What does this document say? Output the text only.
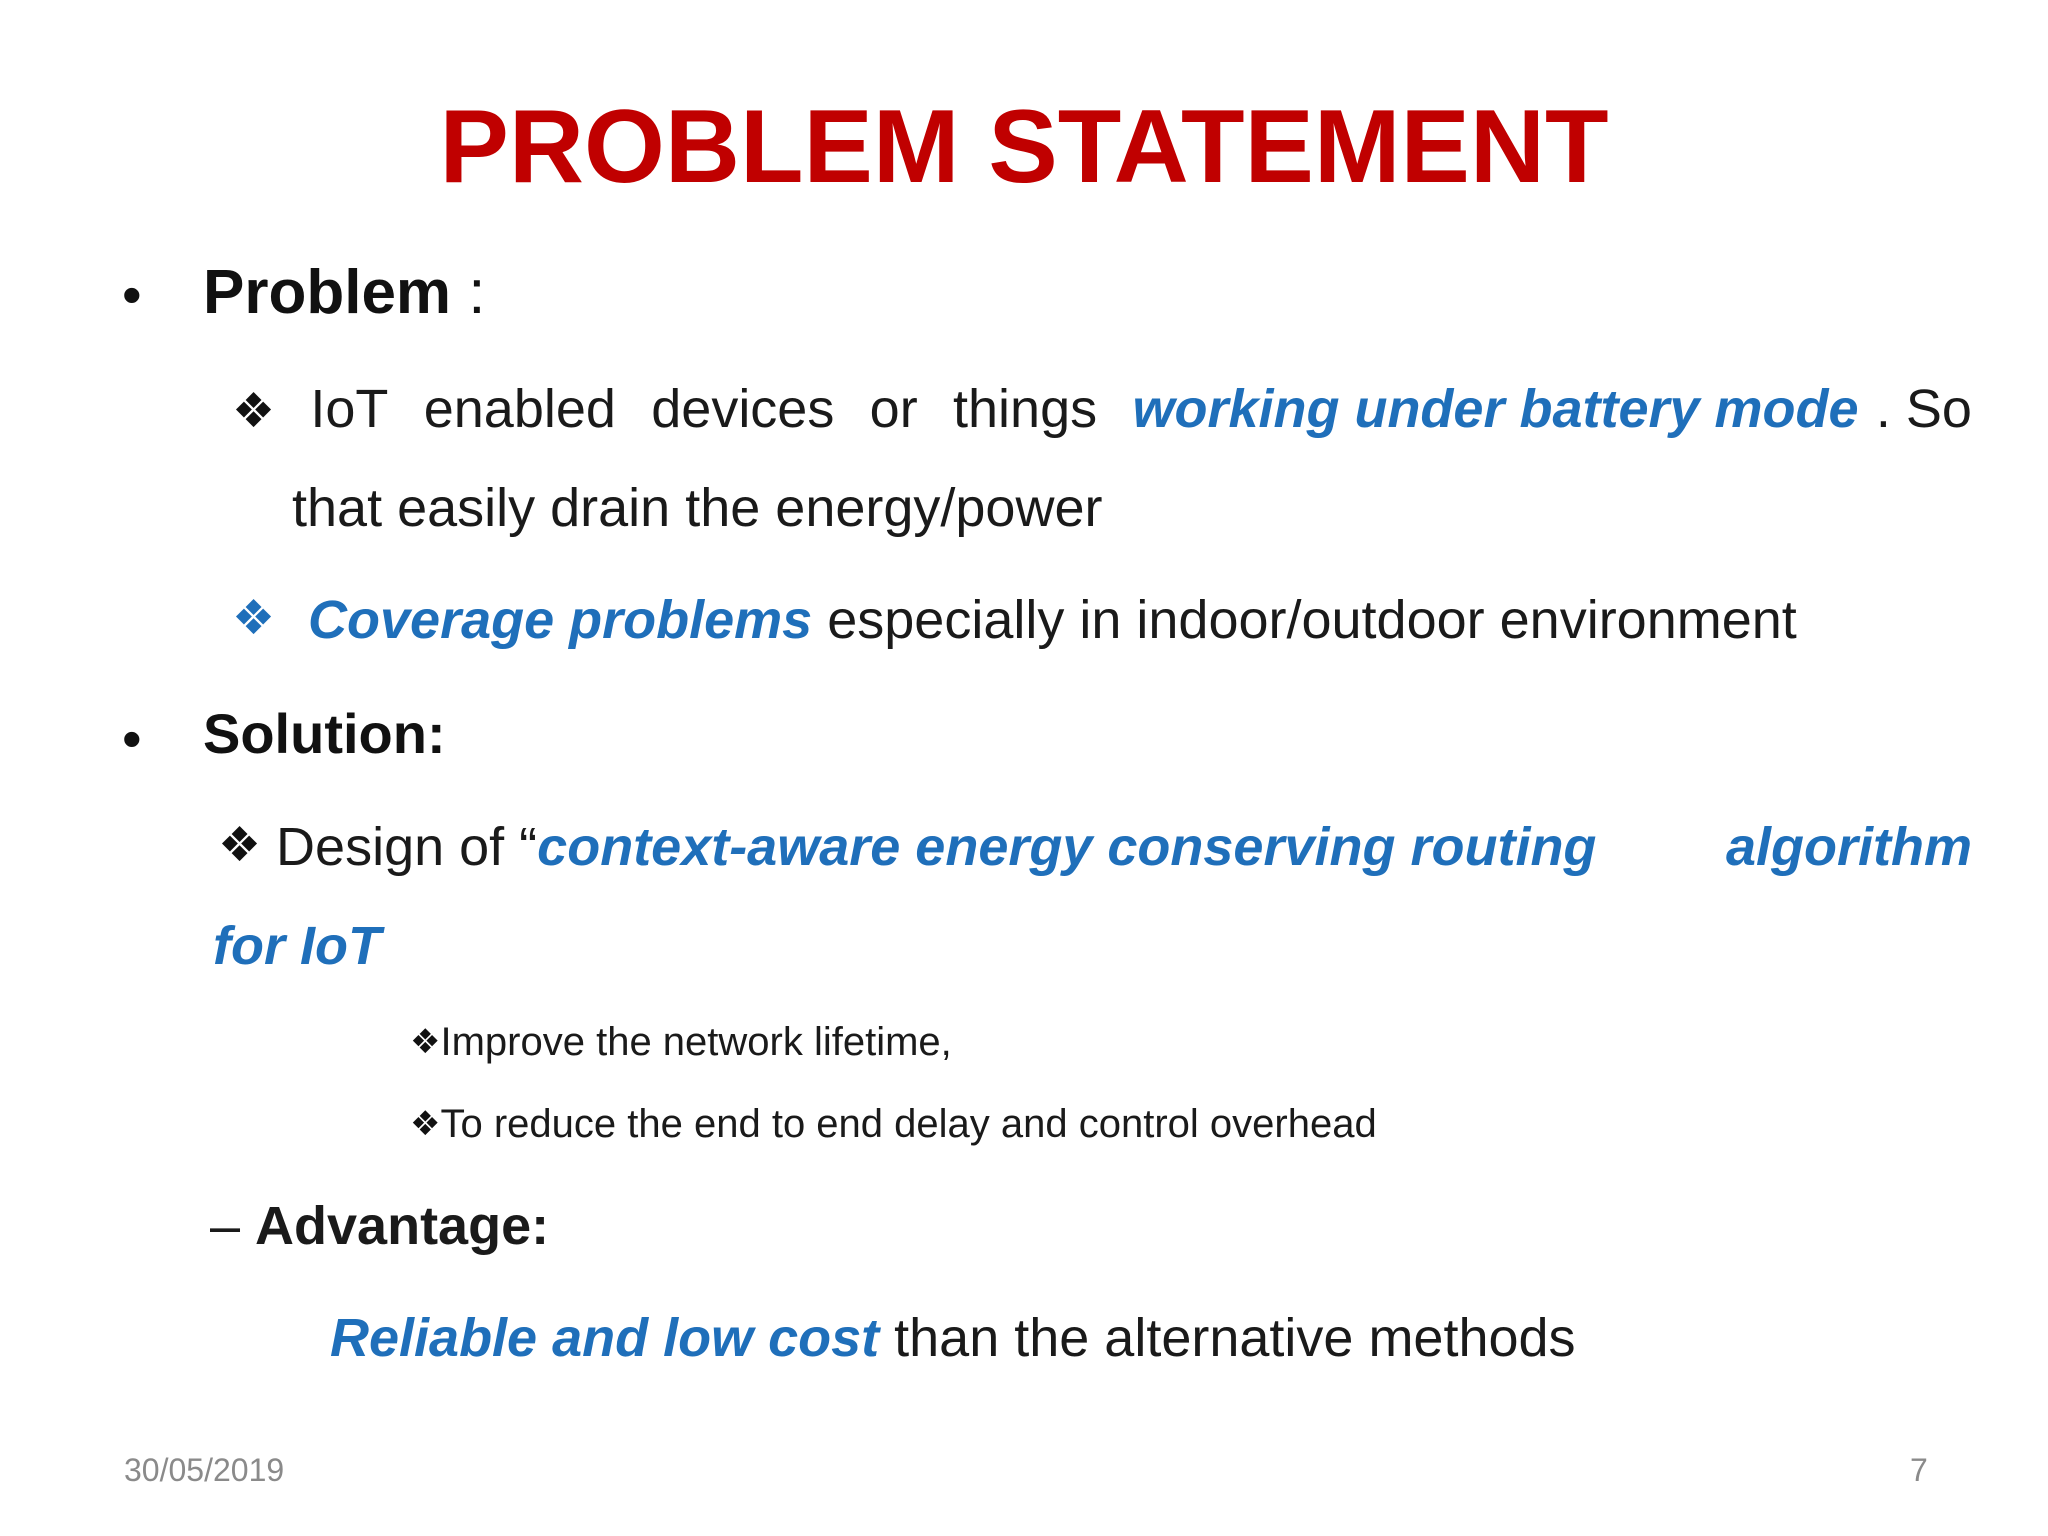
PROBLEM STATEMENT
• Problem :
❖ IoT enabled devices or things working under battery mode . So
that easily drain the energy/power
❖ Coverage problems especially in indoor/outdoor environment
• Solution:
❖ Design of “context-aware energy conserving routing algorithm
for IoT
❖Improve the network lifetime,
❖To reduce the end to end delay and control overhead
– Advantage:
Reliable and low cost than the alternative methods
30/05/2019	7
